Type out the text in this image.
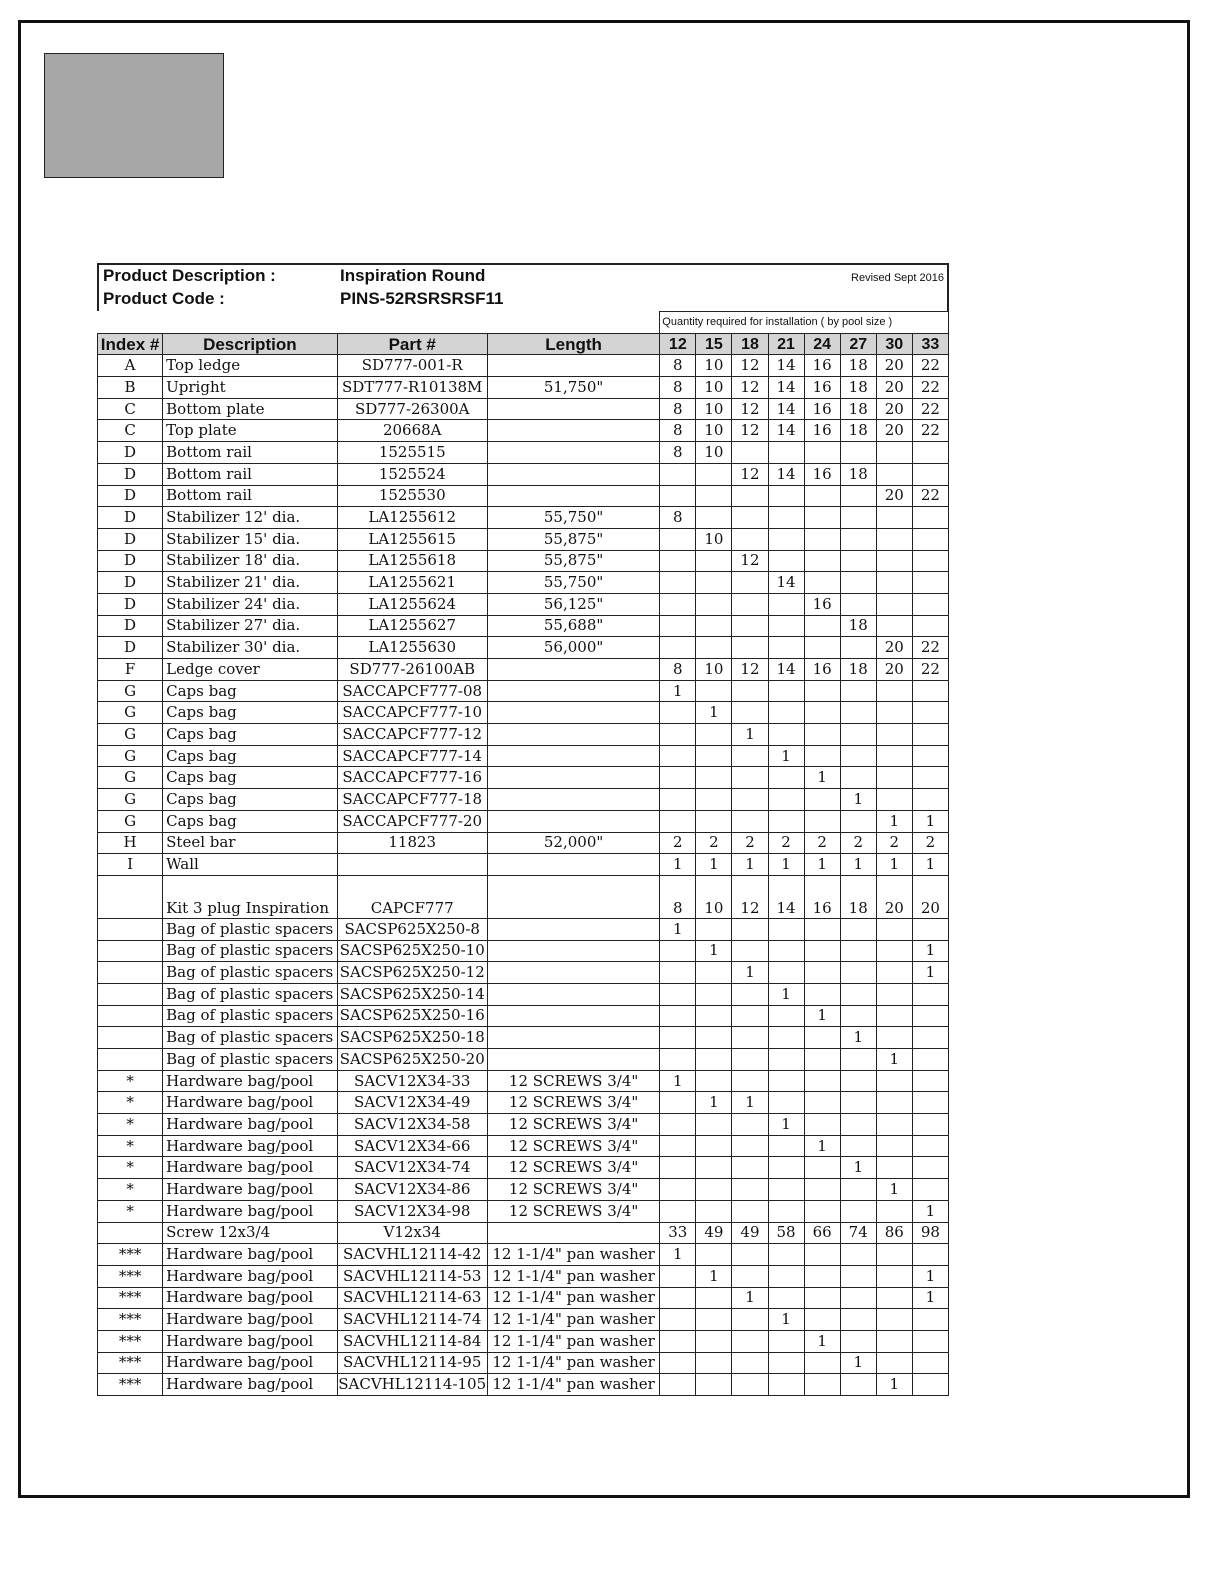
Product Description :	Inspiration Round
Product Code :	PINS-52RSRSRSF11
Revised Sept 2016
				Quantity required for installation ( by pool size )							
Index #	Description	Part #	Length	12	15	18	21	24	27	30	33
A	Top ledge	SD777-001-R		8	10	12	14	16	18	20	22
B	Upright	SDT777-R10138M	51,750"	8	10	12	14	16	18	20	22
C	Bottom plate	SD777-26300A		8	10	12	14	16	18	20	22
C	Top plate	20668A		8	10	12	14	16	18	20	22
D	Bottom rail	1525515		8	10						
D	Bottom rail	1525524				12	14	16	18		
D	Bottom rail	1525530								20	22
D	Stabilizer 12' dia.	LA1255612	55,750"	8							
D	Stabilizer 15' dia.	LA1255615	55,875"		10						
D	Stabilizer 18' dia.	LA1255618	55,875"			12					
D	Stabilizer 21' dia.	LA1255621	55,750"				14				
D	Stabilizer 24' dia.	LA1255624	56,125"					16			
D	Stabilizer 27' dia.	LA1255627	55,688"						18		
D	Stabilizer 30' dia.	LA1255630	56,000"							20	22
F	Ledge cover	SD777-26100AB		8	10	12	14	16	18	20	22
G	Caps bag	SACCAPCF777-08		1							
G	Caps bag	SACCAPCF777-10			1						
G	Caps bag	SACCAPCF777-12				1					
G	Caps bag	SACCAPCF777-14					1				
G	Caps bag	SACCAPCF777-16						1			
G	Caps bag	SACCAPCF777-18							1		
G	Caps bag	SACCAPCF777-20								1	1
H	Steel bar	11823	52,000"	2	2	2	2	2	2	2	2
I	Wall			1	1	1	1	1	1	1	1
	Kit 3 plug Inspiration	CAPCF777		8	10	12	14	16	18	20	20
	Bag of plastic spacers	SACSP625X250-8		1							
	Bag of plastic spacers	SACSP625X250-10			1						1
	Bag of plastic spacers	SACSP625X250-12				1					1
	Bag of plastic spacers	SACSP625X250-14					1				
	Bag of plastic spacers	SACSP625X250-16						1			
	Bag of plastic spacers	SACSP625X250-18							1		
	Bag of plastic spacers	SACSP625X250-20								1	
*	Hardware bag/pool	SACV12X34-33	12 SCREWS 3/4"	1							
*	Hardware bag/pool	SACV12X34-49	12 SCREWS 3/4"		1	1					
*	Hardware bag/pool	SACV12X34-58	12 SCREWS 3/4"				1				
*	Hardware bag/pool	SACV12X34-66	12 SCREWS 3/4"					1			
*	Hardware bag/pool	SACV12X34-74	12 SCREWS 3/4"						1		
*	Hardware bag/pool	SACV12X34-86	12 SCREWS 3/4"							1	
*	Hardware bag/pool	SACV12X34-98	12 SCREWS 3/4"								1
	Screw 12x3/4	V12x34		33	49	49	58	66	74	86	98
***	Hardware bag/pool	SACVHL12114-42	12 1-1/4" pan washer	1							
***	Hardware bag/pool	SACVHL12114-53	12 1-1/4" pan washer		1						1
***	Hardware bag/pool	SACVHL12114-63	12 1-1/4" pan washer			1					1
***	Hardware bag/pool	SACVHL12114-74	12 1-1/4" pan washer				1				
***	Hardware bag/pool	SACVHL12114-84	12 1-1/4" pan washer					1			
***	Hardware bag/pool	SACVHL12114-95	12 1-1/4" pan washer						1		
***	Hardware bag/pool	SACVHL12114-105	12 1-1/4" pan washer							1	
